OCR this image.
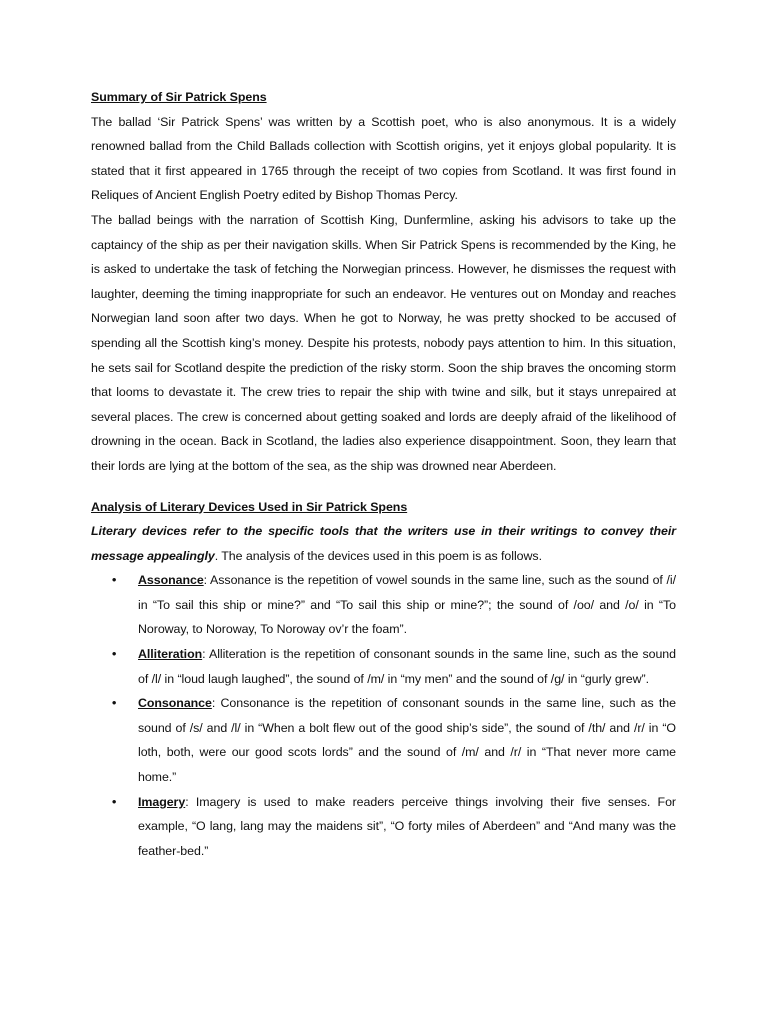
Summary of Sir Patrick Spens

The ballad ‘Sir Patrick Spens’ was written by a Scottish poet, who is also anonymous. It is a widely renowned ballad from the Child Ballads collection with Scottish origins, yet it enjoys global popularity. It is stated that it first appeared in 1765 through the receipt of two copies from Scotland. It was first found in Reliques of Ancient English Poetry edited by Bishop Thomas Percy.

The ballad beings with the narration of Scottish King, Dunfermline, asking his advisors to take up the captaincy of the ship as per their navigation skills. When Sir Patrick Spens is recommended by the King, he is asked to undertake the task of fetching the Norwegian princess. However, he dismisses the request with laughter, deeming the timing inappropriate for such an endeavor. He ventures out on Monday and reaches Norwegian land soon after two days. When he got to Norway, he was pretty shocked to be accused of spending all the Scottish king’s money. Despite his protests, nobody pays attention to him. In this situation, he sets sail for Scotland despite the prediction of the risky storm. Soon the ship braves the oncoming storm that looms to devastate it. The crew tries to repair the ship with twine and silk, but it stays unrepaired at several places. The crew is concerned about getting soaked and lords are deeply afraid of the likelihood of drowning in the ocean. Back in Scotland, the ladies also experience disappointment. Soon, they learn that their lords are lying at the bottom of the sea, as the ship was drowned near Aberdeen.

Analysis of Literary Devices Used in Sir Patrick Spens

Literary devices refer to the specific tools that the writers use in their writings to convey their message appealingly. The analysis of the devices used in this poem is as follows.

• Assonance: Assonance is the repetition of vowel sounds in the same line, such as the sound of /i/ in “To sail this ship or mine?” and “To sail this ship or mine?”; the sound of /oo/ and /o/ in “To Noroway, to Noroway, To Noroway ov’r the foam”.
• Alliteration: Alliteration is the repetition of consonant sounds in the same line, such as the sound of /l/ in “loud laugh laughed”, the sound of /m/ in “my men” and the sound of /g/ in “gurly grew”.
• Consonance: Consonance is the repetition of consonant sounds in the same line, such as the sound of /s/ and /l/ in “When a bolt flew out of the good ship’s side”, the sound of /th/ and /r/ in “O loth, both, were our good scots lords” and the sound of /m/ and /r/ in “That never more came home.”
• Imagery: Imagery is used to make readers perceive things involving their five senses. For example, “O lang, lang may the maidens sit”, “O forty miles of Aberdeen” and “And many was the feather-bed.”
